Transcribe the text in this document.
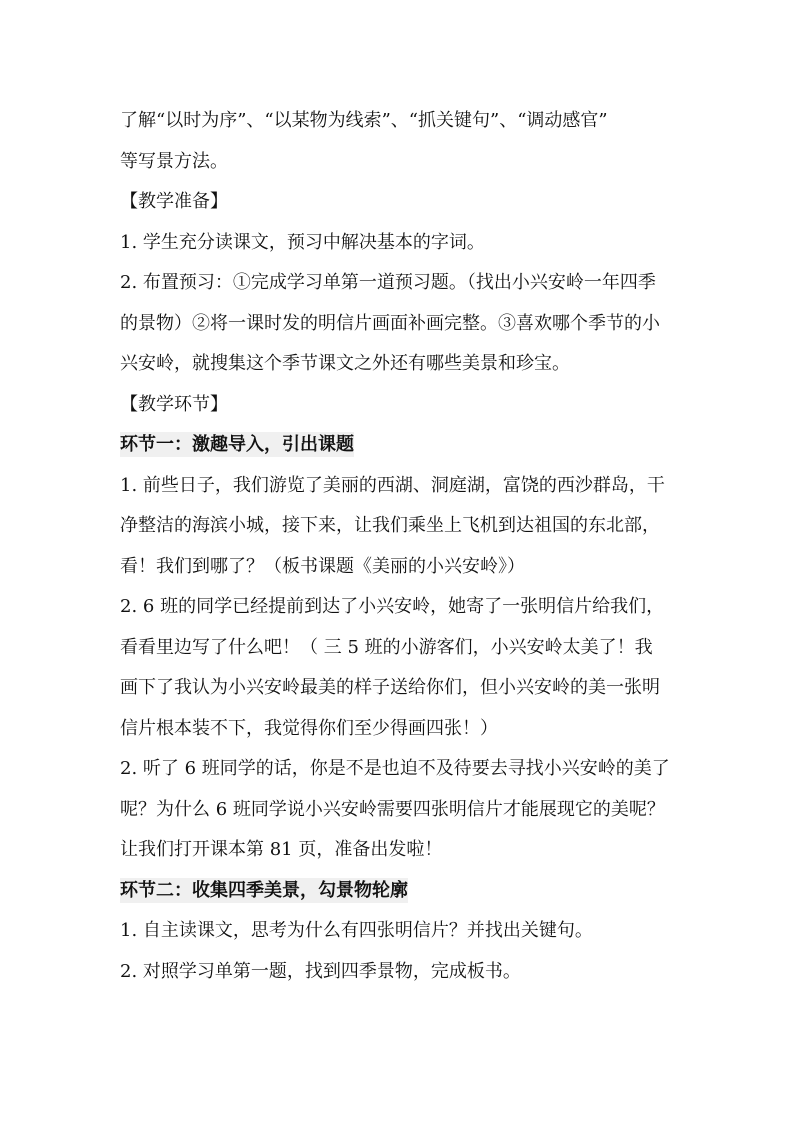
了解“以时为序”、“以某物为线索”、“抓关键句”、“调动感官”
等写景方法。
【教学准备】
1. 学生充分读课文，预习中解决基本的字词。
2. 布置预习：①完成学习单第一道预习题。（找出小兴安岭一年四季
的景物）②将一课时发的明信片画面补画完整。③喜欢哪个季节的小
兴安岭，就搜集这个季节课文之外还有哪些美景和珍宝。
【教学环节】
环节一：激趣导入，引出课题
1. 前些日子，我们游览了美丽的西湖、洞庭湖，富饶的西沙群岛，干
净整洁的海滨小城，接下来，让我们乘坐上飞机到达祖国的东北部，
看！我们到哪了？（板书课题《美丽的小兴安岭》）
2. 6 班的同学已经提前到达了小兴安岭，她寄了一张明信片给我们，
看看里边写了什么吧！（ 三 5 班的小游客们，小兴安岭太美了！我
画下了我认为小兴安岭最美的样子送给你们，但小兴安岭的美一张明
信片根本装不下，我觉得你们至少得画四张！）
2. 听了 6 班同学的话，你是不是也迫不及待要去寻找小兴安岭的美了
呢？为什么 6 班同学说小兴安岭需要四张明信片才能展现它的美呢？
让我们打开课本第 81 页，准备出发啦！
环节二：收集四季美景，勾景物轮廓
1. 自主读课文，思考为什么有四张明信片？并找出关键句。
2. 对照学习单第一题，找到四季景物，完成板书。
